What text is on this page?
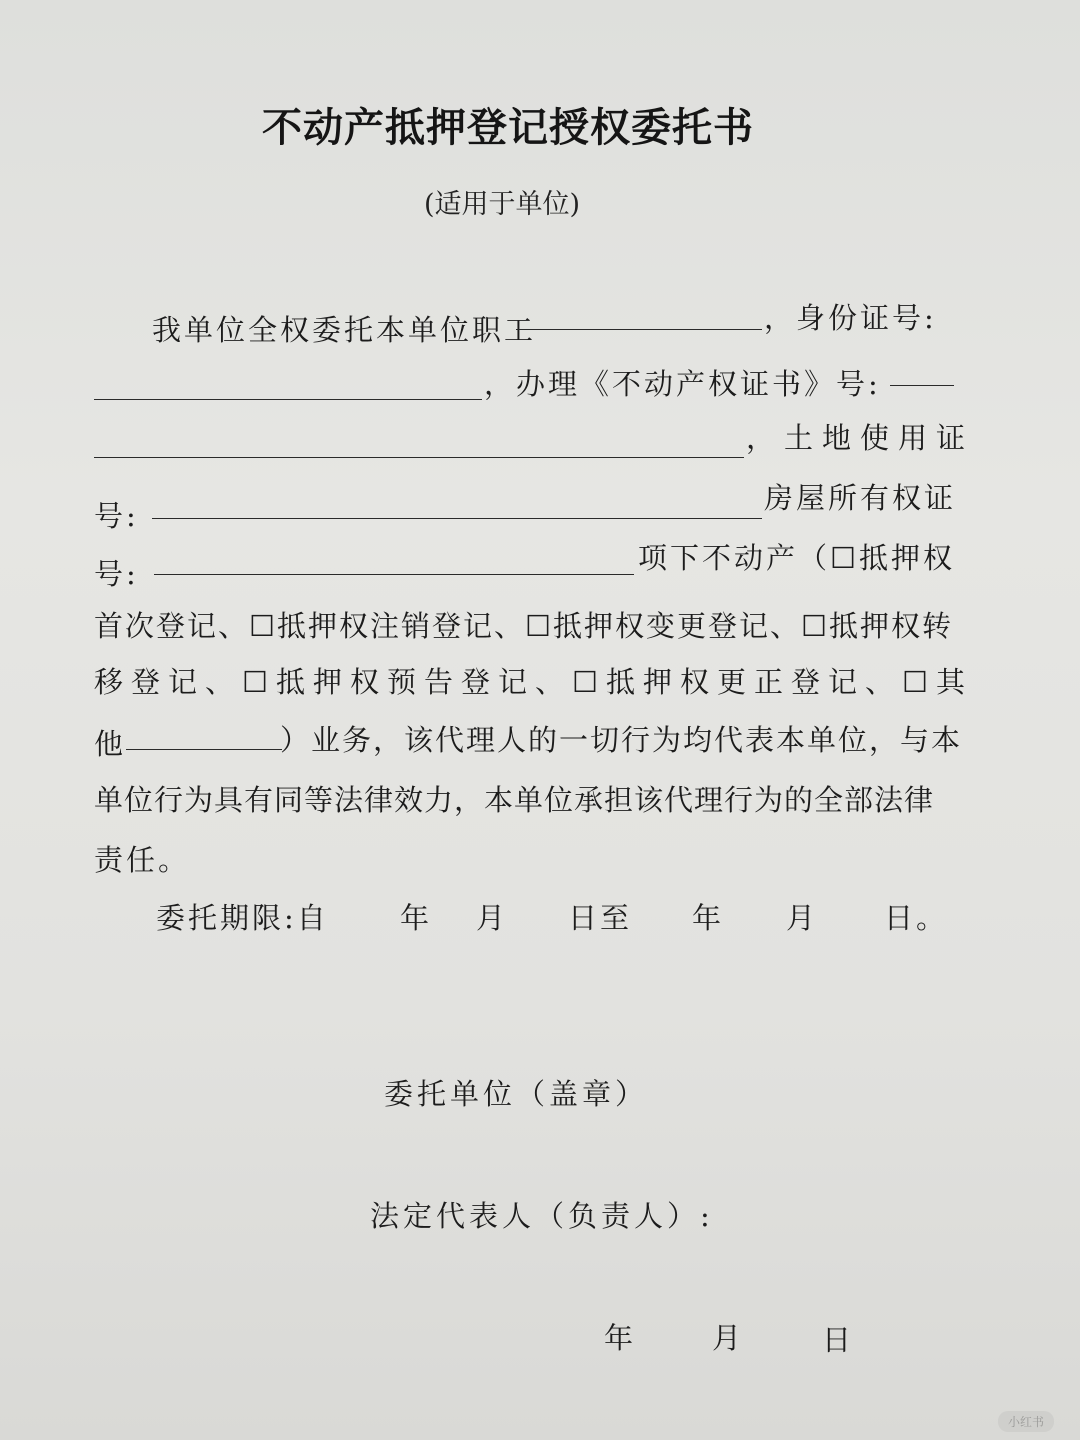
不动产抵押登记授权委托书
(适用于单位)
我单位全权委托本单位职工	，身份证号:
，办理《不动产权证书》号:
，土地使用证
号:
房屋所有权证
号:	项下不动产（☐抵押权
首次登记、☐抵押权注销登记、☐抵押权变更登记、☐抵押权转
移登记、☐抵押权预告登记、☐抵押权更正登记、☐其
他	）业务，该代理人的一切行为均代表本单位，与本
单位行为具有同等法律效力，本单位承担该代理行为的全部法律
责任。
委托期限:自 年 月 日至 年 月 日。
委托单位（盖章）
法定代表人（负责人）:
年	月	日
小红书
